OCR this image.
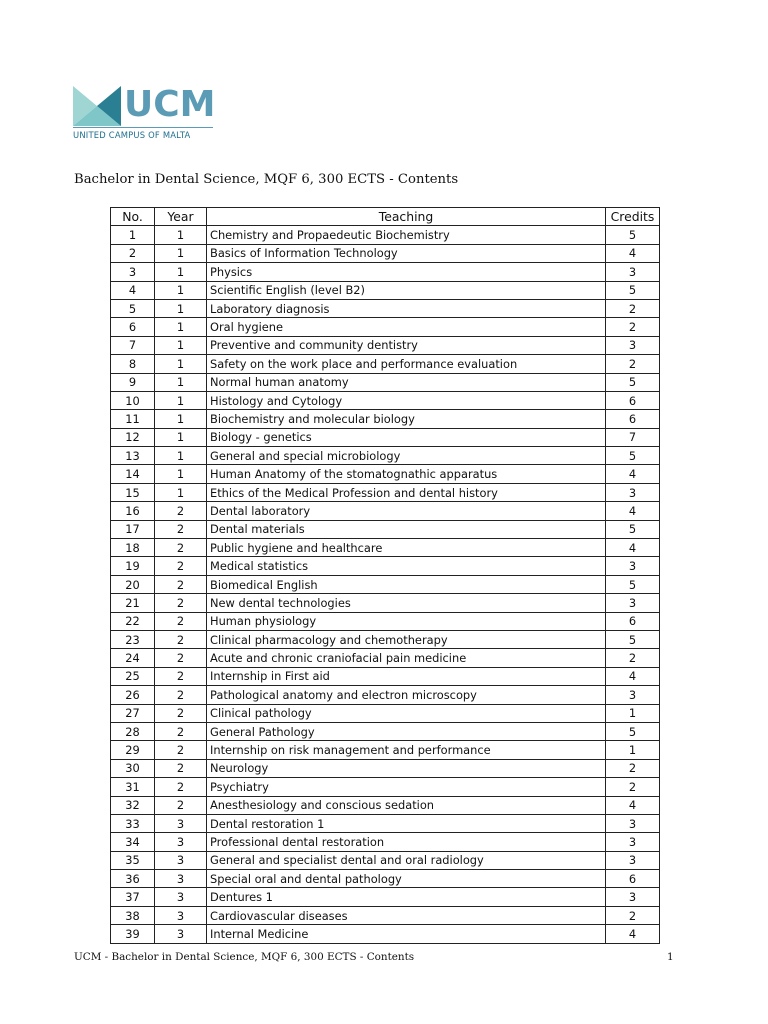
UCM
UNITED CAMPUS OF MALTA
Bachelor in Dental Science, MQF 6, 300 ECTS - Contents
No.	Year	Teaching	Credits
1	1	Chemistry and Propaedeutic Biochemistry	5
2	1	Basics of Information Technology	4
3	1	Physics	3
4	1	Scientific English (level B2)	5
5	1	Laboratory diagnosis	2
6	1	Oral hygiene	2
7	1	Preventive and community dentistry	3
8	1	Safety on the work place and performance evaluation	2
9	1	Normal human anatomy	5
10	1	Histology and Cytology	6
11	1	Biochemistry and molecular biology	6
12	1	Biology - genetics	7
13	1	General and special microbiology	5
14	1	Human Anatomy of the stomatognathic apparatus	4
15	1	Ethics of the Medical Profession and dental history	3
16	2	Dental laboratory	4
17	2	Dental materials	5
18	2	Public hygiene and healthcare	4
19	2	Medical statistics	3
20	2	Biomedical English	5
21	2	New dental technologies	3
22	2	Human physiology	6
23	2	Clinical pharmacology and chemotherapy	5
24	2	Acute and chronic craniofacial pain medicine	2
25	2	Internship in First aid	4
26	2	Pathological anatomy and electron microscopy	3
27	2	Clinical pathology	1
28	2	General Pathology	5
29	2	Internship on risk management and performance	1
30	2	Neurology	2
31	2	Psychiatry	2
32	2	Anesthesiology and conscious sedation	4
33	3	Dental restoration 1	3
34	3	Professional dental restoration	3
35	3	General and specialist dental and oral radiology	3
36	3	Special oral and dental pathology	6
37	3	Dentures 1	3
38	3	Cardiovascular diseases	2
39	3	Internal Medicine	4
UCM - Bachelor in Dental Science, MQF 6, 300 ECTS - Contents	1
